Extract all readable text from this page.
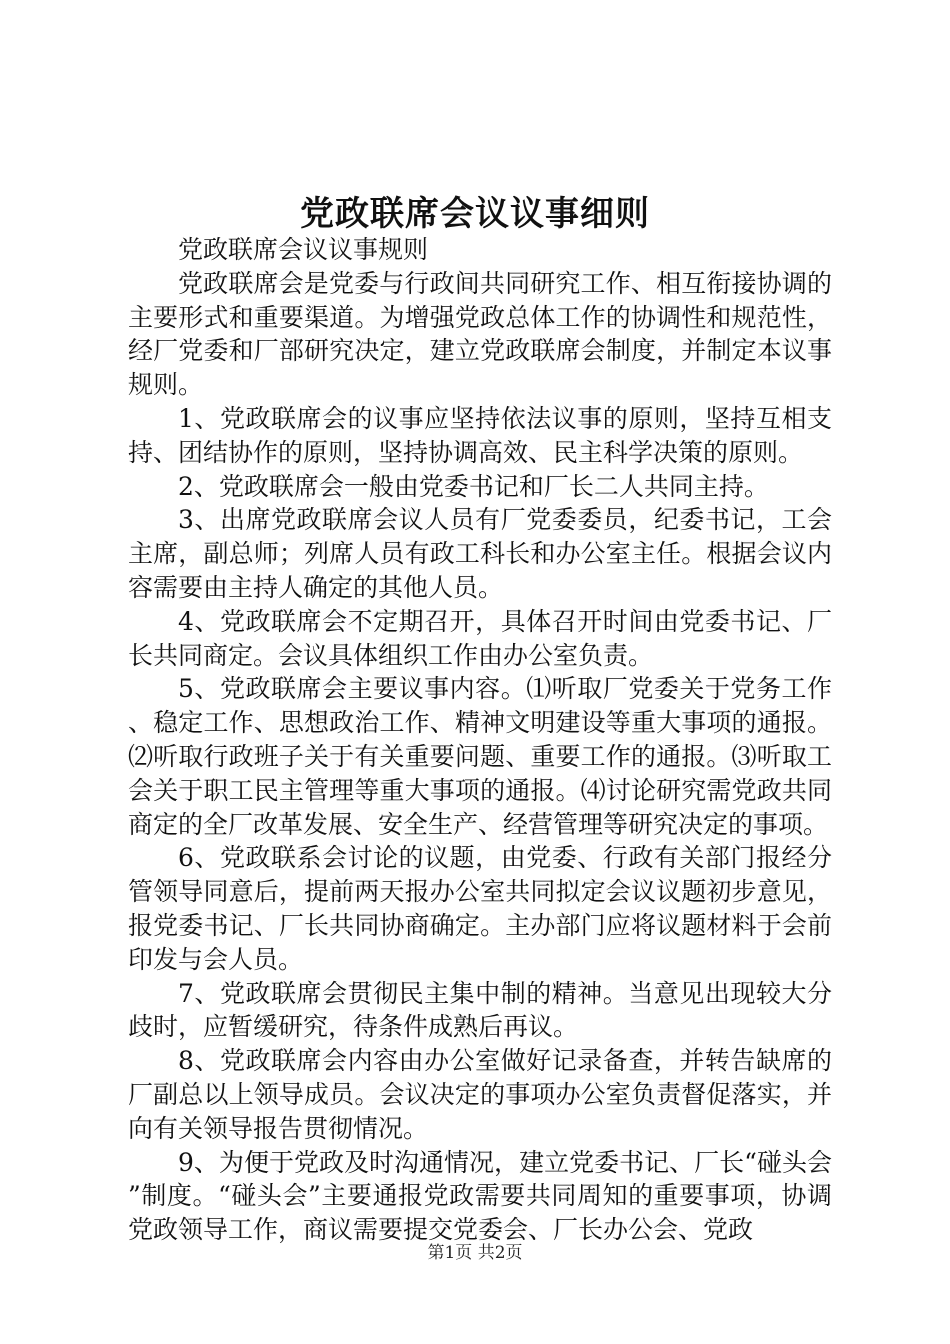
党政联席会议议事细则

党政联席会议议事规则

党政联席会是党委与行政间共同研究工作、相互衔接协调的主要形式和重要渠道。为增强党政总体工作的协调性和规范性，经厂党委和厂部研究决定，建立党政联席会制度，并制定本议事规则。

1、党政联席会的议事应坚持依法议事的原则，坚持互相支持、团结协作的原则，坚持协调高效、民主科学决策的原则。

2、党政联席会一般由党委书记和厂长二人共同主持。

3、出席党政联席会议人员有厂党委委员，纪委书记，工会主席，副总师；列席人员有政工科长和办公室主任。根据会议内容需要由主持人确定的其他人员。

4、党政联席会不定期召开，具体召开时间由党委书记、厂长共同商定。会议具体组织工作由办公室负责。

5、党政联席会主要议事内容。⑴听取厂党委关于党务工作、稳定工作、思想政治工作、精神文明建设等重大事项的通报。⑵听取行政班子关于有关重要问题、重要工作的通报。⑶听取工会关于职工民主管理等重大事项的通报。⑷讨论研究需党政共同商定的全厂改革发展、安全生产、经营管理等研究决定的事项。

6、党政联系会讨论的议题，由党委、行政有关部门报经分管领导同意后，提前两天报办公室共同拟定会议议题初步意见，报党委书记、厂长共同协商确定。主办部门应将议题材料于会前印发与会人员。

7、党政联席会贯彻民主集中制的精神。当意见出现较大分歧时，应暂缓研究，待条件成熟后再议。

8、党政联席会内容由办公室做好记录备查，并转告缺席的厂副总以上领导成员。会议决定的事项办公室负责督促落实，并向有关领导报告贯彻情况。

9、为便于党政及时沟通情况，建立党委书记、厂长“碰头会”制度。“碰头会”主要通报党政需要共同周知的重要事项，协调党政领导工作，商议需要提交党委会、厂长办公会、党政

第1页 共2页
